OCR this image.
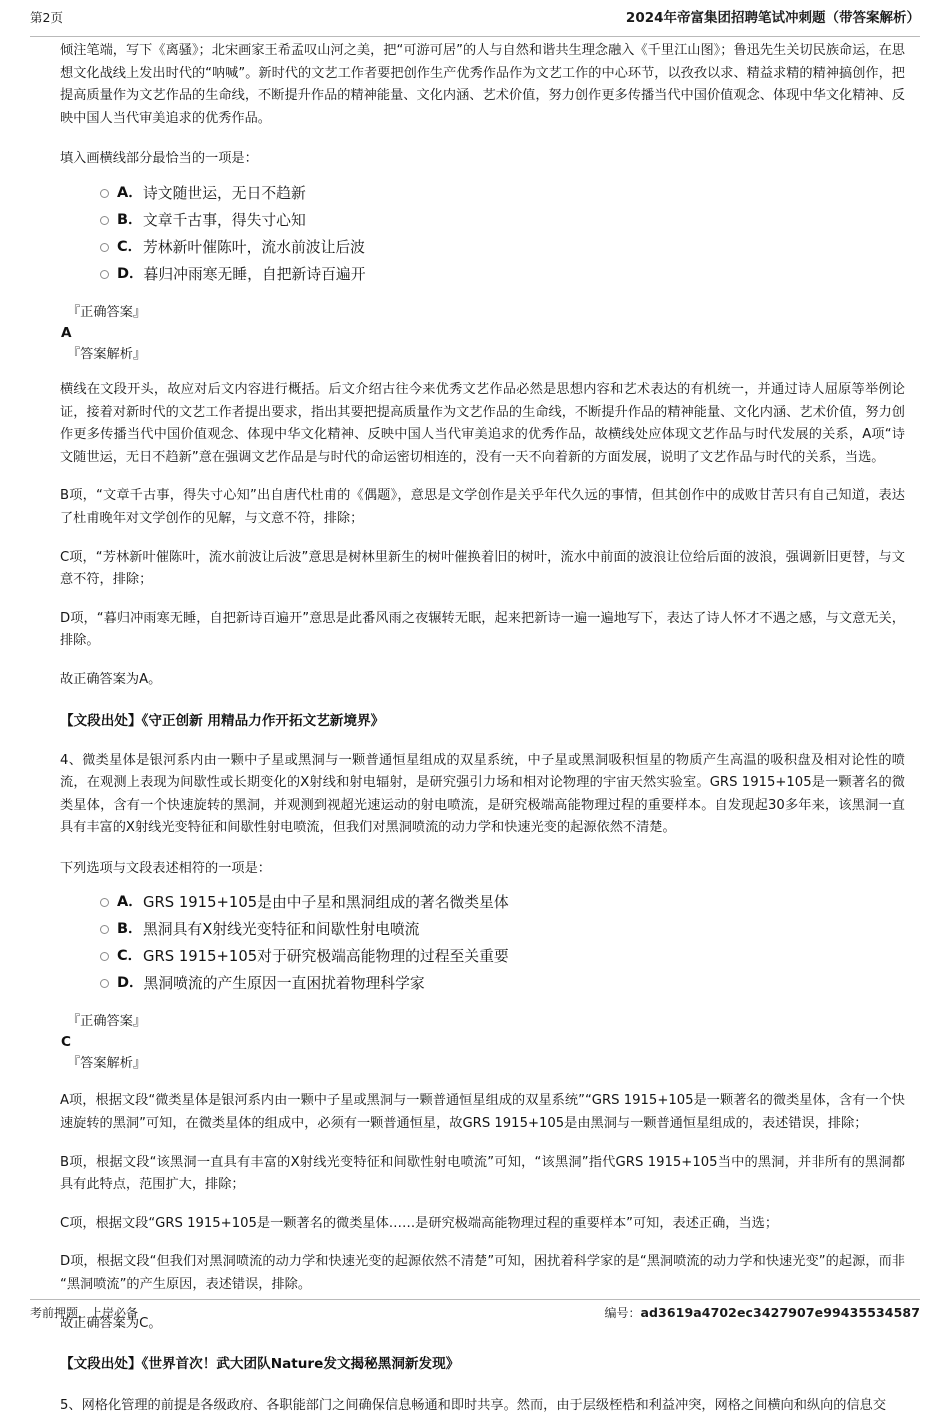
第2页	2024年帝富集团招聘笔试冲刺题（带答案解析）

倾注笔端，写下《离骚》；北宋画家王希孟叹山河之美，把“可游可居”的人与自然和谐共生理念融入《千里江山图》；鲁迅先生关切民族命运，在思想文化战线上发出时代的“呐喊”。新时代的文艺工作者要把创作生产优秀作品作为文艺工作的中心环节，以孜孜以求、精益求精的精神搞创作，把提高质量作为文艺作品的生命线，不断提升作品的精神能量、文化内涵、艺术价值，努力创作更多传播当代中国价值观念、体现中华文化精神、反映中国人当代审美追求的优秀作品。

填入画横线部分最恰当的一项是：

A． 诗文随世运，无日不趋新
B． 文章千古事，得失寸心知
C． 芳林新叶催陈叶，流水前波让后波
D． 暮归冲雨寒无睡，自把新诗百遍开

『正确答案』

A

『答案解析』

横线在文段开头，故应对后文内容进行概括。后文介绍古往今来优秀文艺作品必然是思想内容和艺术表达的有机统一，并通过诗人屈原等举例论证，接着对新时代的文艺工作者提出要求，指出其要把提高质量作为文艺作品的生命线，不断提升作品的精神能量、文化内涵、艺术价值，努力创作更多传播当代中国价值观念、体现中华文化精神、反映中国人当代审美追求的优秀作品，故横线处应体现文艺作品与时代发展的关系，A项“诗文随世运，无日不趋新”意在强调文艺作品是与时代的命运密切相连的，没有一天不向着新的方面发展，说明了文艺作品与时代的关系，当选。

B项，“文章千古事，得失寸心知”出自唐代杜甫的《偶题》，意思是文学创作是关乎年代久远的事情，但其创作中的成败甘苦只有自己知道，表达了杜甫晚年对文学创作的见解，与文意不符，排除；

C项，“芳林新叶催陈叶，流水前波让后波”意思是树林里新生的树叶催换着旧的树叶，流水中前面的波浪让位给后面的波浪，强调新旧更替，与文意不符，排除；

D项，“暮归冲雨寒无睡，自把新诗百遍开”意思是此番风雨之夜辗转无眠，起来把新诗一遍一遍地写下，表达了诗人怀才不遇之感，与文意无关，排除。

故正确答案为A。

【文段出处】《守正创新 用精品力作开拓文艺新境界》

4、微类星体是银河系内由一颗中子星或黑洞与一颗普通恒星组成的双星系统，中子星或黑洞吸积恒星的物质产生高温的吸积盘及相对论性的喷流，在观测上表现为间歇性或长期变化的X射线和射电辐射，是研究强引力场和相对论物理的宇宙天然实验室。GRS 1915+105是一颗著名的微类星体，含有一个快速旋转的黑洞，并观测到视超光速运动的射电喷流，是研究极端高能物理过程的重要样本。自发现起30多年来，该黑洞一直具有丰富的X射线光变特征和间歇性射电喷流，但我们对黑洞喷流的动力学和快速光变的起源依然不清楚。

下列选项与文段表述相符的一项是：

A． GRS 1915+105是由中子星和黑洞组成的著名微类星体
B． 黑洞具有X射线光变特征和间歇性射电喷流
C． GRS 1915+105对于研究极端高能物理的过程至关重要
D． 黑洞喷流的产生原因一直困扰着物理科学家

『正确答案』

C

『答案解析』

A项，根据文段“微类星体是银河系内由一颗中子星或黑洞与一颗普通恒星组成的双星系统”“GRS 1915+105是一颗著名的微类星体，含有一个快速旋转的黑洞”可知，在微类星体的组成中，必须有一颗普通恒星，故GRS 1915+105是由黑洞与一颗普通恒星组成的，表述错误，排除；

B项，根据文段“该黑洞一直具有丰富的X射线光变特征和间歇性射电喷流”可知，“该黑洞”指代GRS 1915+105当中的黑洞，并非所有的黑洞都具有此特点，范围扩大，排除；

C项，根据文段“GRS 1915+105是一颗著名的微类星体……是研究极端高能物理过程的重要样本”可知，表述正确，当选；

D项，根据文段“但我们对黑洞喷流的动力学和快速光变的起源依然不清楚”可知，困扰着科学家的是“黑洞喷流的动力学和快速光变”的起源，而非“黑洞喷流”的产生原因，表述错误，排除。

故正确答案为C。

【文段出处】《世界首次！武大团队Nature发文揭秘黑洞新发现》

5、网格化管理的前提是各级政府、各职能部门之间确保信息畅通和即时共享。然而，由于层级桎梏和利益冲突，网格之间横向和纵向的信息交

考前押题，上岸必备	编号：ad3619a4702ec3427907e99435534587
